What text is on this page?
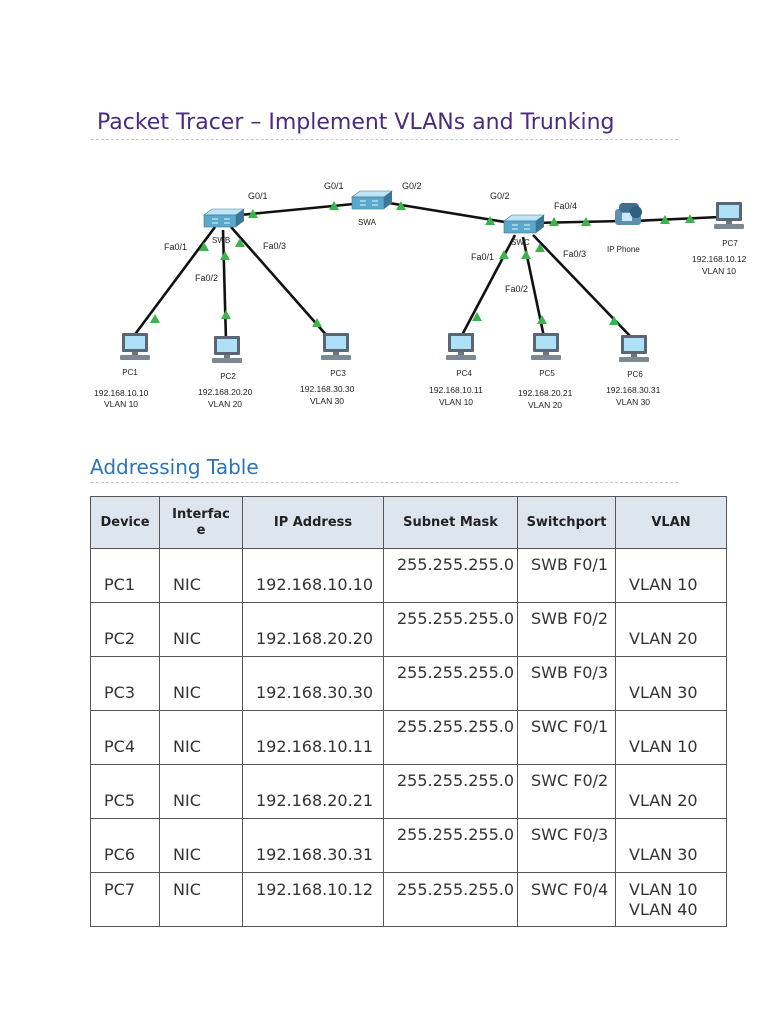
Packet Tracer – Implement VLANs and Trunking
G0/1
G0/1	G0/2
G0/2
Fa0/4
SWA
SWB	SWC
Fa0/1
Fa0/2
Fa0/3
Fa0/1
Fa0/2
Fa0/3	IP Phone
PC1
192.168.10.10
VLAN 10
PC2
192.168.20.20
VLAN 20
PC3
192.168.30.30
VLAN 30
PC4
192.168.10.11
VLAN 10
PC5
192.168.20.21
VLAN 20
PC6
192.168.30.31
VLAN 30
PC7
192.168.10.12
VLAN 10
Addressing Table
Device	Interface	IP Address	Subnet Mask	Switchport	VLAN
PC1	NIC	192.168.10.10	255.255.255.0	SWB F0/1	VLAN 10
PC2	NIC	192.168.20.20	255.255.255.0	SWB F0/2	VLAN 20
PC3	NIC	192.168.30.30	255.255.255.0	SWB F0/3	VLAN 30
PC4	NIC	192.168.10.11	255.255.255.0	SWC F0/1	VLAN 10
PC5	NIC	192.168.20.21	255.255.255.0	SWC F0/2	VLAN 20
PC6	NIC	192.168.30.31	255.255.255.0	SWC F0/3	VLAN 30
PC7	NIC	192.168.10.12	255.255.255.0	SWC F0/4	VLAN 10
VLAN 40
